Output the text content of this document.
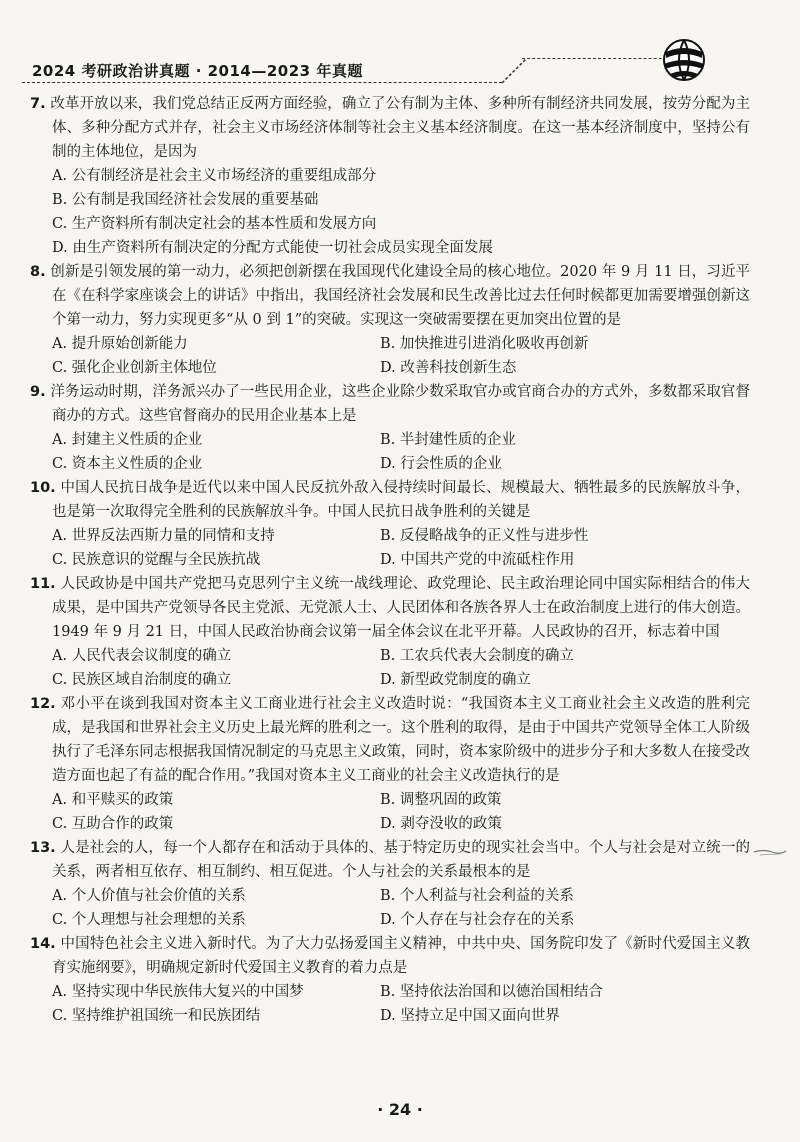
2024 考研政治讲真题 · 2014—2023 年真题

7. 改革开放以来，我们党总结正反两方面经验，确立了公有制为主体、多种所有制经济共同发展，按劳分配为主体、多种分配方式并存，社会主义市场经济体制等社会主义基本经济制度。在这一基本经济制度中，坚持公有制的主体地位，是因为

A. 公有制经济是社会主义市场经济的重要组成部分
B. 公有制是我国经济社会发展的重要基础
C. 生产资料所有制决定社会的基本性质和发展方向
D. 由生产资料所有制决定的分配方式能使一切社会成员实现全面发展

8. 创新是引领发展的第一动力，必须把创新摆在我国现代化建设全局的核心地位。2020 年 9 月 11 日，习近平在《在科学家座谈会上的讲话》中指出，我国经济社会发展和民生改善比过去任何时候都更加需要增强创新这个第一动力，努力实现更多“从 0 到 1”的突破。实现这一突破需要摆在更加突出位置的是

A. 提升原始创新能力	B. 加快推进引进消化吸收再创新
C. 强化企业创新主体地位	D. 改善科技创新生态

9. 洋务运动时期，洋务派兴办了一些民用企业，这些企业除少数采取官办或官商合办的方式外，多数都采取官督商办的方式。这些官督商办的民用企业基本上是

A. 封建主义性质的企业	B. 半封建性质的企业
C. 资本主义性质的企业	D. 行会性质的企业

10. 中国人民抗日战争是近代以来中国人民反抗外敌入侵持续时间最长、规模最大、牺牲最多的民族解放斗争，也是第一次取得完全胜利的民族解放斗争。中国人民抗日战争胜利的关键是

A. 世界反法西斯力量的同情和支持	B. 反侵略战争的正义性与进步性
C. 民族意识的觉醒与全民族抗战	D. 中国共产党的中流砥柱作用

11. 人民政协是中国共产党把马克思列宁主义统一战线理论、政党理论、民主政治理论同中国实际相结合的伟大成果，是中国共产党领导各民主党派、无党派人士、人民团体和各族各界人士在政治制度上进行的伟大创造。1949 年 9 月 21 日，中国人民政治协商会议第一届全体会议在北平开幕。人民政协的召开，标志着中国

A. 人民代表会议制度的确立	B. 工农兵代表大会制度的确立
C. 民族区域自治制度的确立	D. 新型政党制度的确立

12. 邓小平在谈到我国对资本主义工商业进行社会主义改造时说：“我国资本主义工商业社会主义改造的胜利完成，是我国和世界社会主义历史上最光辉的胜利之一。这个胜利的取得，是由于中国共产党领导全体工人阶级执行了毛泽东同志根据我国情况制定的马克思主义政策，同时，资本家阶级中的进步分子和大多数人在接受改造方面也起了有益的配合作用。”我国对资本主义工商业的社会主义改造执行的是

A. 和平赎买的政策	B. 调整巩固的政策
C. 互助合作的政策	D. 剥夺没收的政策

13. 人是社会的人，每一个人都存在和活动于具体的、基于特定历史的现实社会当中。个人与社会是对立统一的关系，两者相互依存、相互制约、相互促进。个人与社会的关系最根本的是

A. 个人价值与社会价值的关系	B. 个人利益与社会利益的关系
C. 个人理想与社会理想的关系	D. 个人存在与社会存在的关系

14. 中国特色社会主义进入新时代。为了大力弘扬爱国主义精神，中共中央、国务院印发了《新时代爱国主义教育实施纲要》，明确规定新时代爱国主义教育的着力点是

A. 坚持实现中华民族伟大复兴的中国梦	B. 坚持依法治国和以德治国相结合
C. 坚持维护祖国统一和民族团结	D. 坚持立足中国又面向世界
· 24 ·
